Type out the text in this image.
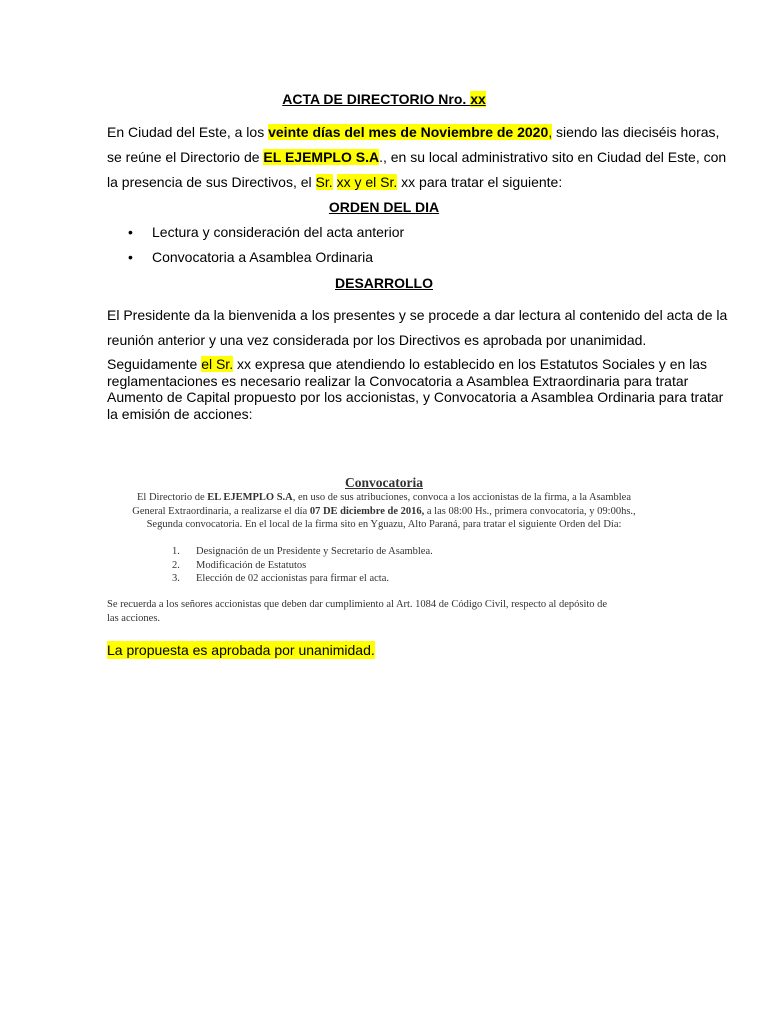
ACTA DE DIRECTORIO Nro. xx
En Ciudad del Este, a los veinte días del mes de Noviembre de 2020, siendo las dieciséis horas,
se reúne el Directorio de EL EJEMPLO S.A., en su local administrativo sito en Ciudad del Este, con
la presencia de sus Directivos, el Sr. xx y el Sr. xx para tratar el siguiente:
ORDEN DEL DIA
• Lectura y consideración del acta anterior
• Convocatoria a Asamblea Ordinaria
DESARROLLO
El Presidente da la bienvenida a los presentes y se procede a dar lectura al contenido del acta de la
reunión anterior y una vez considerada por los Directivos es aprobada por unanimidad.
Seguidamente el Sr. xx expresa que atendiendo lo establecido en los Estatutos Sociales y en las
reglamentaciones es necesario realizar la Convocatoria a Asamblea Extraordinaria para tratar
Aumento de Capital propuesto por los accionistas, y Convocatoria a Asamblea Ordinaria para tratar
la emisión de acciones:
Convocatoria
El Directorio de EL EJEMPLO S.A, en uso de sus atribuciones, convoca a los accionistas de la firma, a la Asamblea
General Extraordinaria, a realizarse el día 07 DE diciembre de 2016, a las 08:00 Hs., primera convocatoria, y 09:00hs.,
Segunda convocatoria. En el local de la firma sito en Yguazu, Alto Paraná, para tratar el siguiente Orden del Día:
1. Designación de un Presidente y Secretario de Asamblea.
2. Modificación de Estatutos
3. Elección de 02 accionistas para firmar el acta.
Se recuerda a los señores accionistas que deben dar cumplimiento al Art. 1084 de Código Civil, respecto al depósito de
las acciones.
La propuesta es aprobada por unanimidad.
